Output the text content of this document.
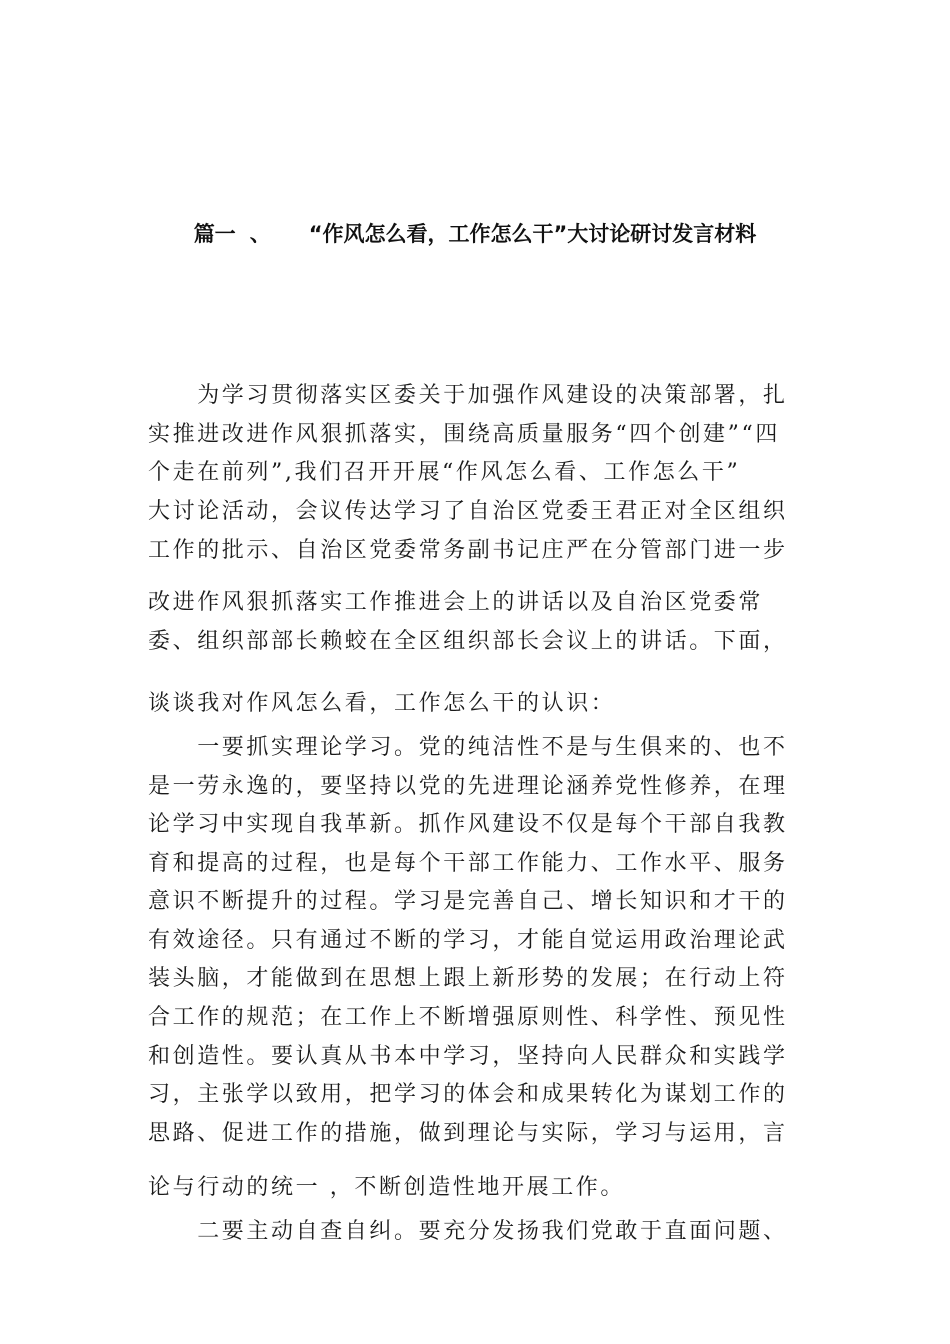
篇一 、 “作风怎么看，工作怎么干”大讨论研讨发言材料
　　为学习贯彻落实区委关于加强作风建设的决策部署，扎
实推进改进作风狠抓落实，围绕高质量服务“四个创建”“四
个走在前列”,我们召开开展“作风怎么看、工作怎么干”
大讨论活动，会议传达学习了自治区党委王君正对全区组织
工作的批示、自治区党委常务副书记庄严在分管部门进一步
改进作风狠抓落实工作推进会上的讲话以及自治区党委常
委、组织部部长赖蛟在全区组织部长会议上的讲话。下面，
谈谈我对作风怎么看，工作怎么干的认识：
　　一要抓实理论学习。党的纯洁性不是与生俱来的、也不
是一劳永逸的，要坚持以党的先进理论涵养党性修养，在理
论学习中实现自我革新。抓作风建设不仅是每个干部自我教
育和提高的过程，也是每个干部工作能力、工作水平、服务
意识不断提升的过程。学习是完善自己、增长知识和才干的
有效途径。只有通过不断的学习，才能自觉运用政治理论武
装头脑，才能做到在思想上跟上新形势的发展；在行动上符
合工作的规范；在工作上不断增强原则性、科学性、预见性
和创造性。要认真从书本中学习，坚持向人民群众和实践学
习，主张学以致用，把学习的体会和成果转化为谋划工作的
思路、促进工作的措施，做到理论与实际，学习与运用，言
论与行动的统一 ，不断创造性地开展工作。
　　二要主动自查自纠。要充分发扬我们党敢于直面问题、
